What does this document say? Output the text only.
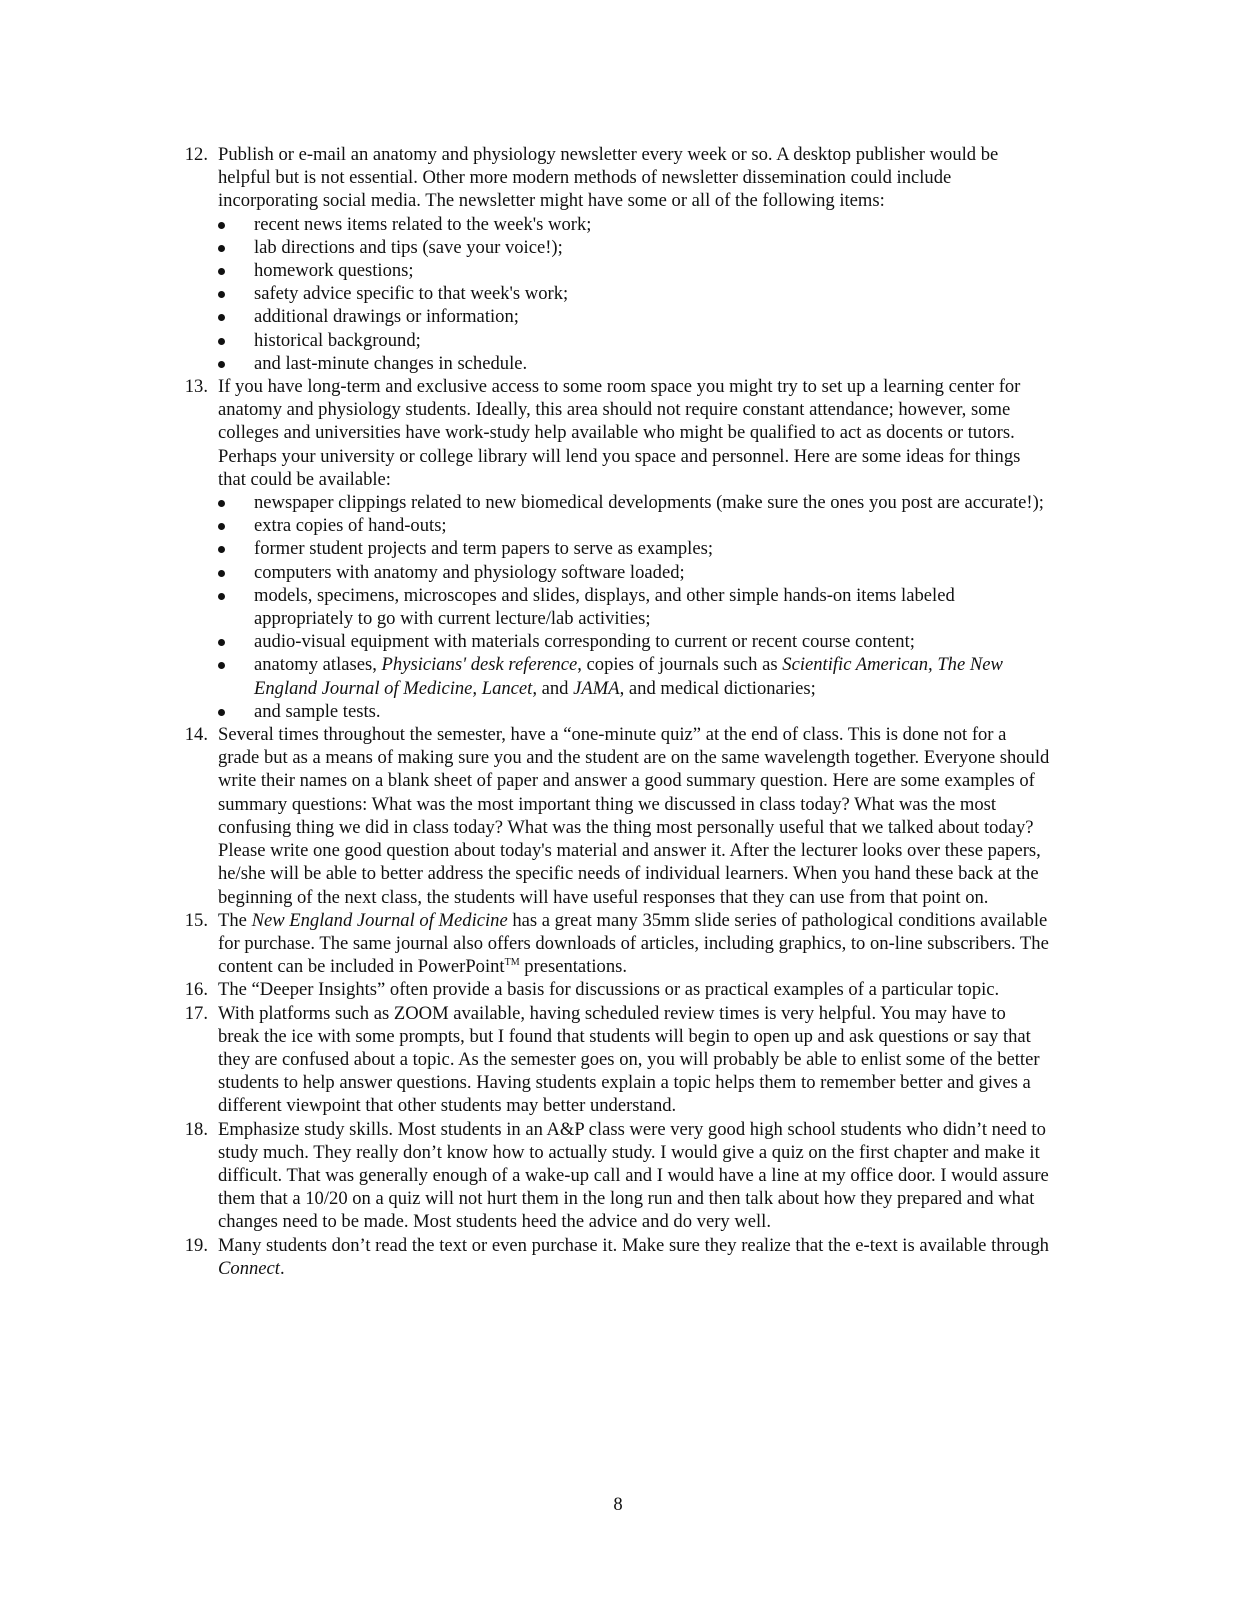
12. Publish or e-mail an anatomy and physiology newsletter every week or so. A desktop publisher would be helpful but is not essential. Other more modern methods of newsletter dissemination could include incorporating social media. The newsletter might have some or all of the following items:
recent news items related to the week's work;
lab directions and tips (save your voice!);
homework questions;
safety advice specific to that week's work;
additional drawings or information;
historical background;
and last-minute changes in schedule.
13. If you have long-term and exclusive access to some room space you might try to set up a learning center for anatomy and physiology students. Ideally, this area should not require constant attendance; however, some colleges and universities have work-study help available who might be qualified to act as docents or tutors. Perhaps your university or college library will lend you space and personnel. Here are some ideas for things that could be available:
newspaper clippings related to new biomedical developments (make sure the ones you post are accurate!);
extra copies of hand-outs;
former student projects and term papers to serve as examples;
computers with anatomy and physiology software loaded;
models, specimens, microscopes and slides, displays, and other simple hands-on items labeled appropriately to go with current lecture/lab activities;
audio-visual equipment with materials corresponding to current or recent course content;
anatomy atlases, Physicians' desk reference, copies of journals such as Scientific American, The New England Journal of Medicine, Lancet, and JAMA, and medical dictionaries;
and sample tests.
14. Several times throughout the semester, have a “one-minute quiz” at the end of class. This is done not for a grade but as a means of making sure you and the student are on the same wavelength together. Everyone should write their names on a blank sheet of paper and answer a good summary question. Here are some examples of summary questions: What was the most important thing we discussed in class today? What was the most confusing thing we did in class today? What was the thing most personally useful that we talked about today? Please write one good question about today's material and answer it. After the lecturer looks over these papers, he/she will be able to better address the specific needs of individual learners. When you hand these back at the beginning of the next class, the students will have useful responses that they can use from that point on.
15. The New England Journal of Medicine has a great many 35mm slide series of pathological conditions available for purchase. The same journal also offers downloads of articles, including graphics, to on-line subscribers. The content can be included in PowerPoint™ presentations.
16. The “Deeper Insights” often provide a basis for discussions or as practical examples of a particular topic.
17. With platforms such as ZOOM available, having scheduled review times is very helpful. You may have to break the ice with some prompts, but I found that students will begin to open up and ask questions or say that they are confused about a topic. As the semester goes on, you will probably be able to enlist some of the better students to help answer questions. Having students explain a topic helps them to remember better and gives a different viewpoint that other students may better understand.
18. Emphasize study skills. Most students in an A&P class were very good high school students who didn’t need to study much. They really don’t know how to actually study. I would give a quiz on the first chapter and make it difficult. That was generally enough of a wake-up call and I would have a line at my office door. I would assure them that a 10/20 on a quiz will not hurt them in the long run and then talk about how they prepared and what changes need to be made. Most students heed the advice and do very well.
19. Many students don’t read the text or even purchase it. Make sure they realize that the e-text is available through Connect.
8
